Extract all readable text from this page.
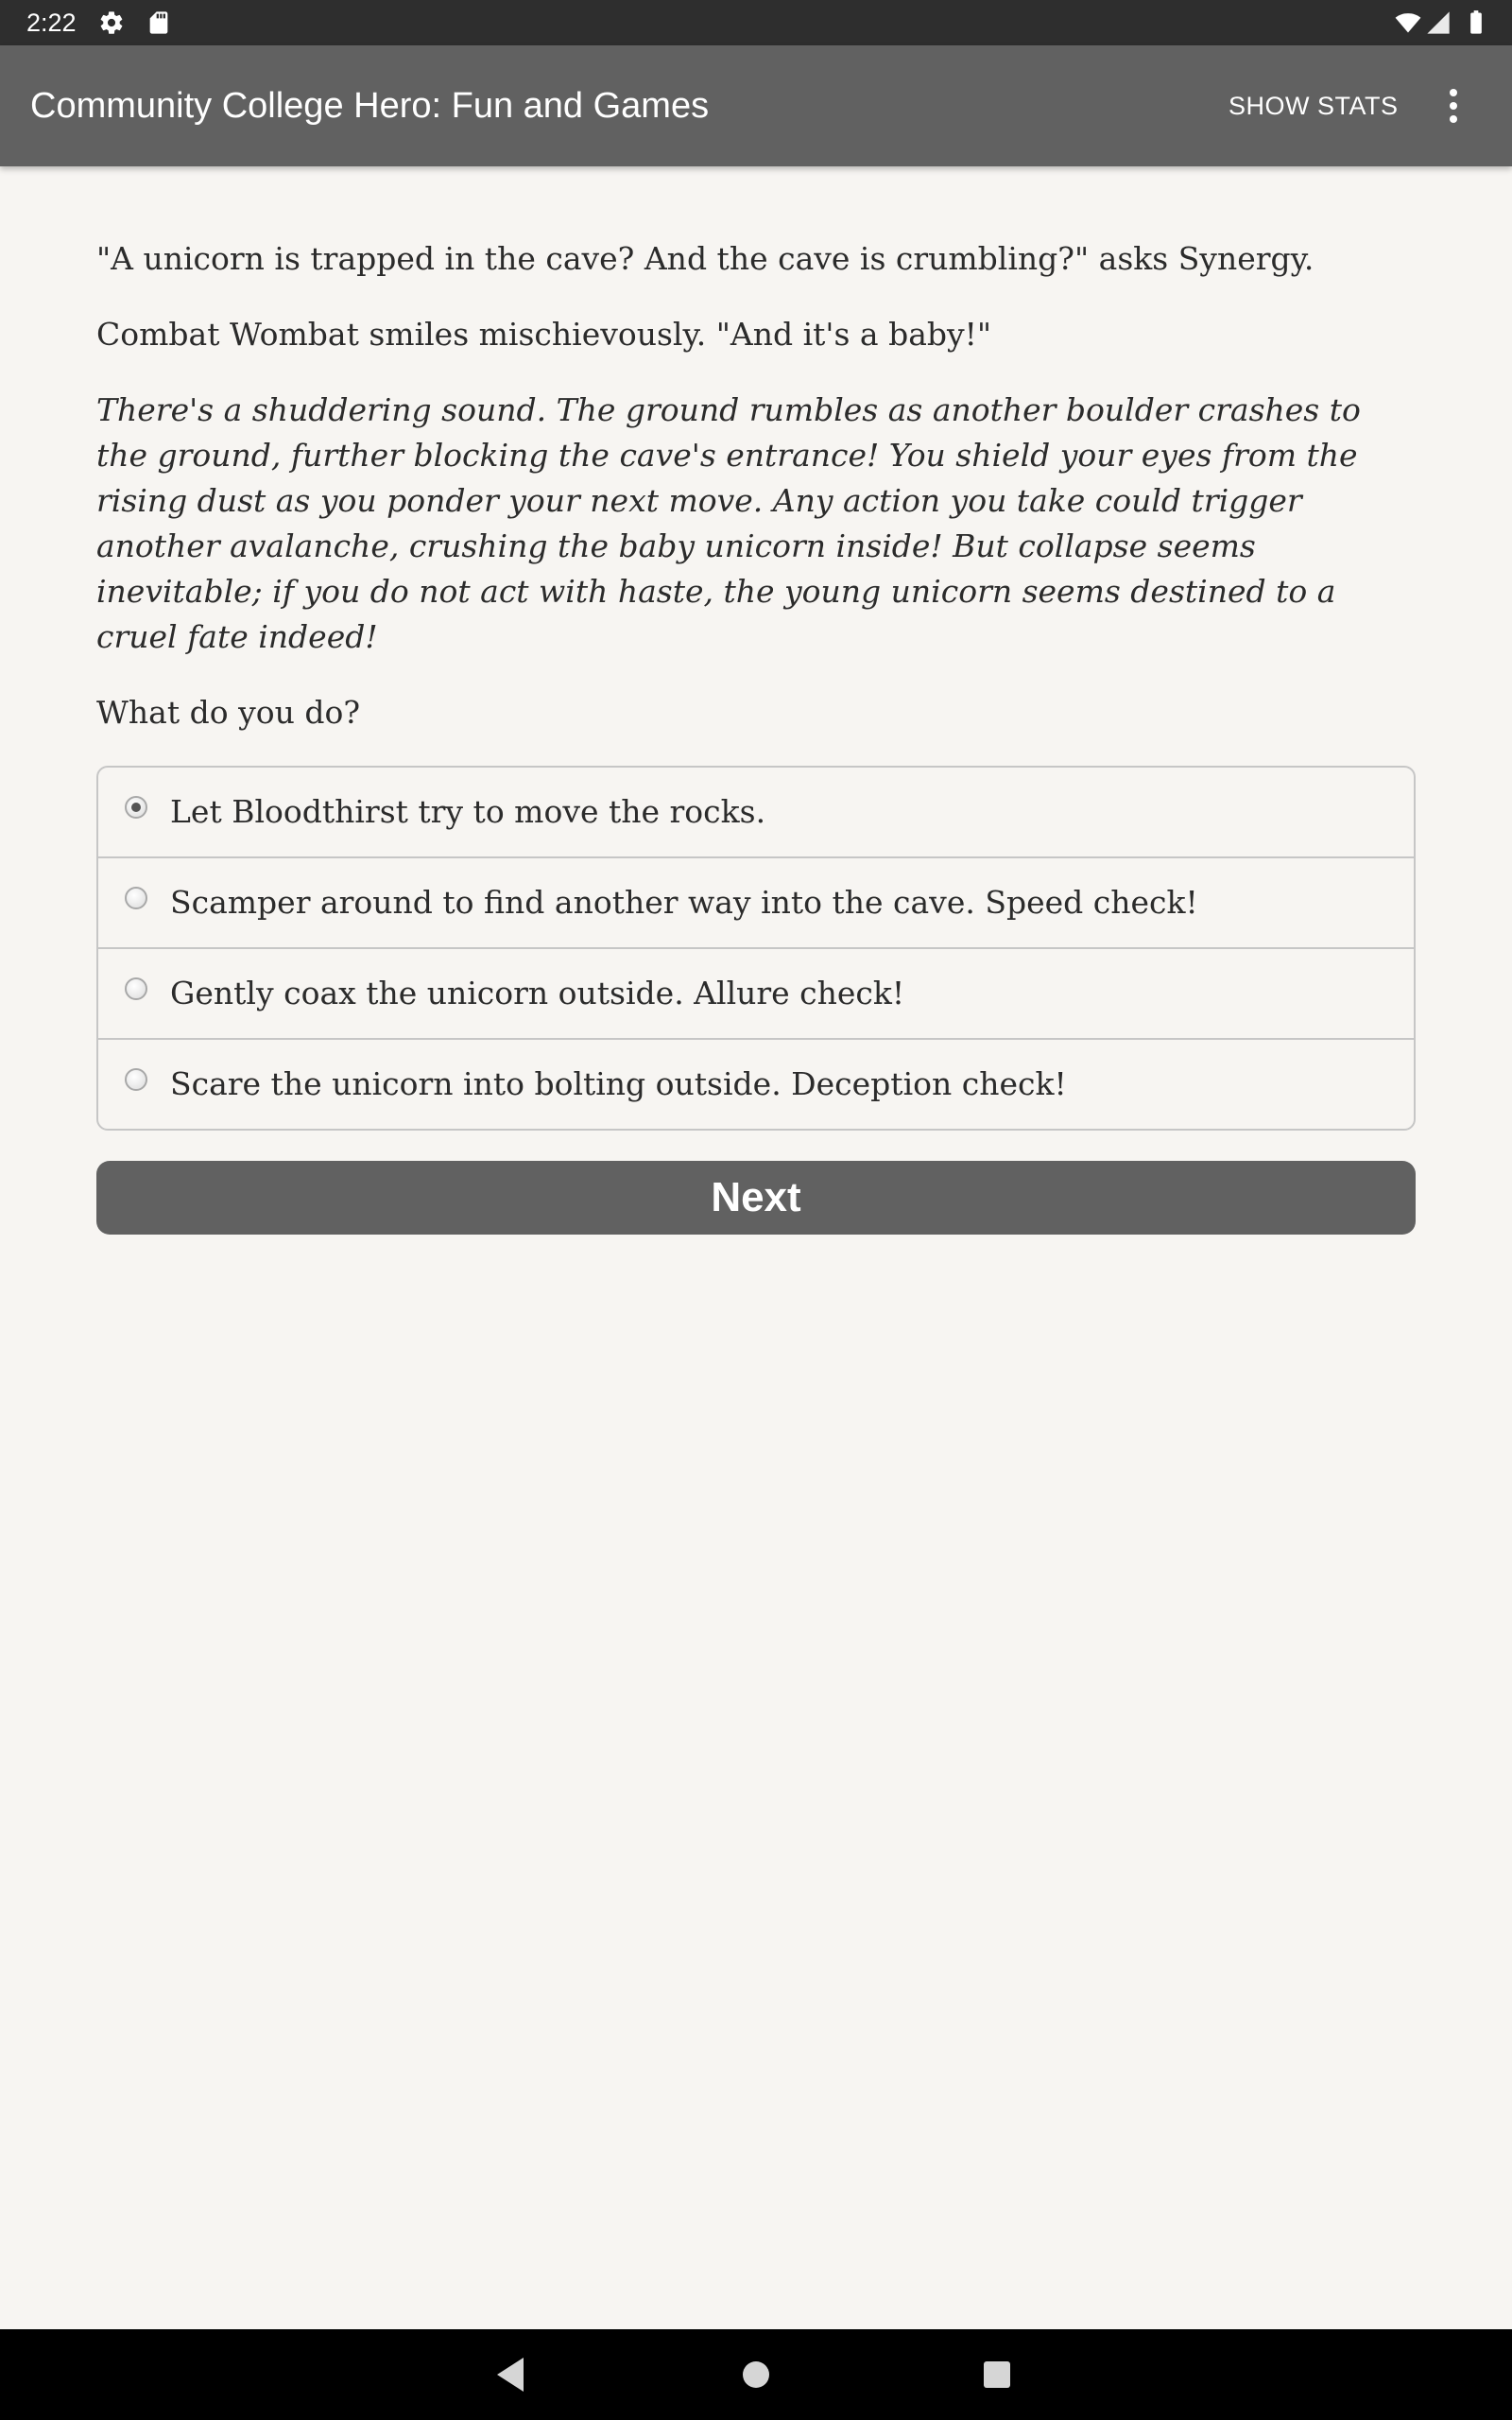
2:22
Community College Hero: Fun and Games	SHOW STATS

"A unicorn is trapped in the cave? And the cave is crumbling?" asks Synergy.

Combat Wombat smiles mischievously. "And it's a baby!"

There's a shuddering sound. The ground rumbles as another boulder crashes to the ground, further blocking the cave's entrance! You shield your eyes from the rising dust as you ponder your next move. Any action you take could trigger another avalanche, crushing the baby unicorn inside! But collapse seems inevitable; if you do not act with haste, the young unicorn seems destined to a cruel fate indeed!

What do you do?

Let Bloodthirst try to move the rocks.
Scamper around to find another way into the cave. Speed check!
Gently coax the unicorn outside. Allure check!
Scare the unicorn into bolting outside. Deception check!
Next
